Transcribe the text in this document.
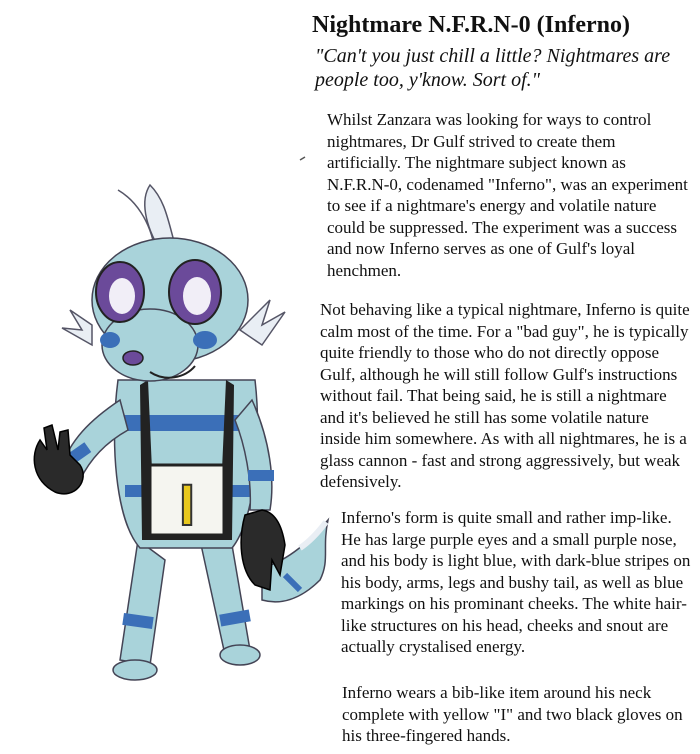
I
Nightmare N.F.R.N-0 (Inferno)
"Can't you just chill a little? Nightmares are people too, y'know. Sort of."

Whilst Zanzara was looking for ways to control nightmares, Dr Gulf strived to create them artificially. The nightmare subject known as N.F.R.N-0, codenamed "Inferno", was an experiment to see if a nightmare's energy and volatile nature could be suppressed. The experiment was a success and now Inferno serves as one of Gulf's loyal henchmen.

Not behaving like a typical nightmare, Inferno is quite calm most of the time. For a "bad guy", he is typically quite friendly to those who do not directly oppose Gulf, although he will still follow Gulf's instructions without fail. That being said, he is still a nightmare and it's believed he still has some volatile nature inside him somewhere. As with all nightmares, he is a glass cannon - fast and strong aggressively, but weak defensively.

Inferno's form is quite small and rather imp-like. He has large purple eyes and a small purple nose, and his body is light blue, with dark-blue stripes on his body, arms, legs and bushy tail, as well as blue markings on his prominant cheeks. The white hair-like structures on his head, cheeks and snout are actually crystalised energy.

Inferno wears a bib-like item around his neck complete with yellow "I" and two black gloves on his three-fingered hands.
